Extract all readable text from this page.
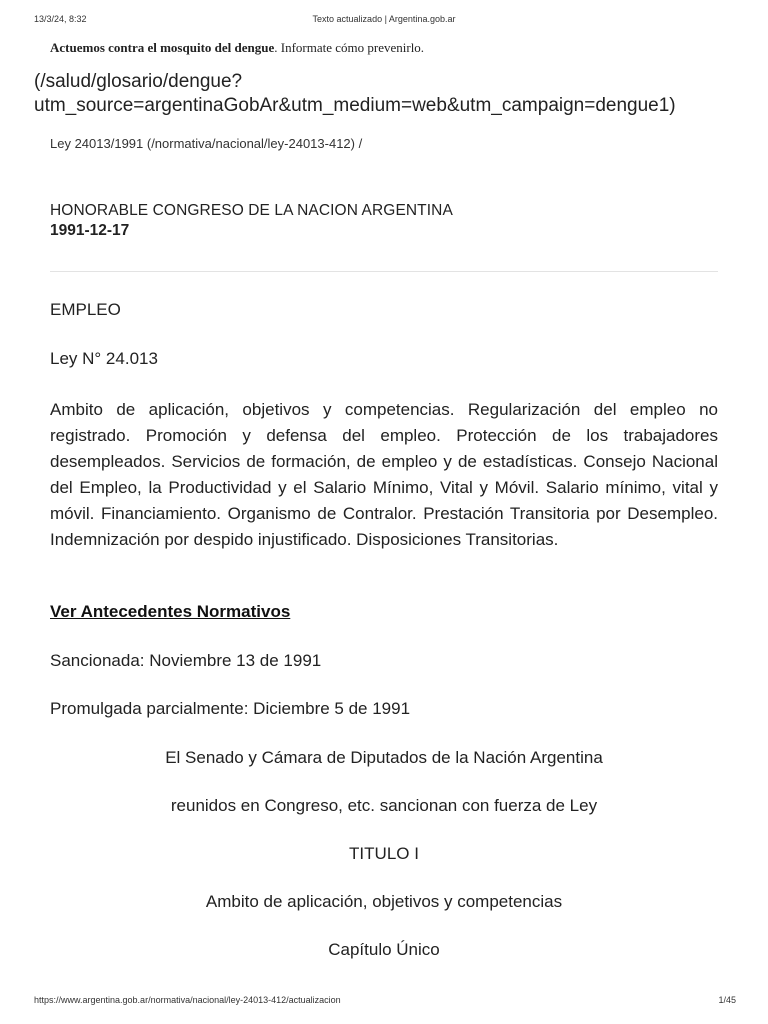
13/3/24, 8:32	Texto actualizado | Argentina.gob.ar
Actuemos contra el mosquito del dengue. Informate cómo prevenirlo.
(/salud/glosario/dengue?
utm_source=argentinaGobAr&utm_medium=web&utm_campaign=dengue1)
Ley 24013/1991 (/normativa/nacional/ley-24013-412) /
HONORABLE CONGRESO DE LA NACION ARGENTINA
1991-12-17
EMPLEO
Ley N° 24.013
Ambito de aplicación, objetivos y competencias. Regularización del empleo no registrado. Promoción y defensa del empleo. Protección de los trabajadores desempleados. Servicios de formación, de empleo y de estadísticas. Consejo Nacional del Empleo, la Productividad y el Salario Mínimo, Vital y Móvil. Salario mínimo, vital y móvil. Financiamiento. Organismo de Contralor. Prestación Transitoria por Desempleo. Indemnización por despido injustificado. Disposiciones Transitorias.
Ver Antecedentes Normativos
Sancionada: Noviembre 13 de 1991
Promulgada parcialmente: Diciembre 5 de 1991
El Senado y Cámara de Diputados de la Nación Argentina
reunidos en Congreso, etc. sancionan con fuerza de Ley
TITULO I
Ambito de aplicación, objetivos y competencias
Capítulo Único
https://www.argentina.gob.ar/normativa/nacional/ley-24013-412/actualizacion	1/45
